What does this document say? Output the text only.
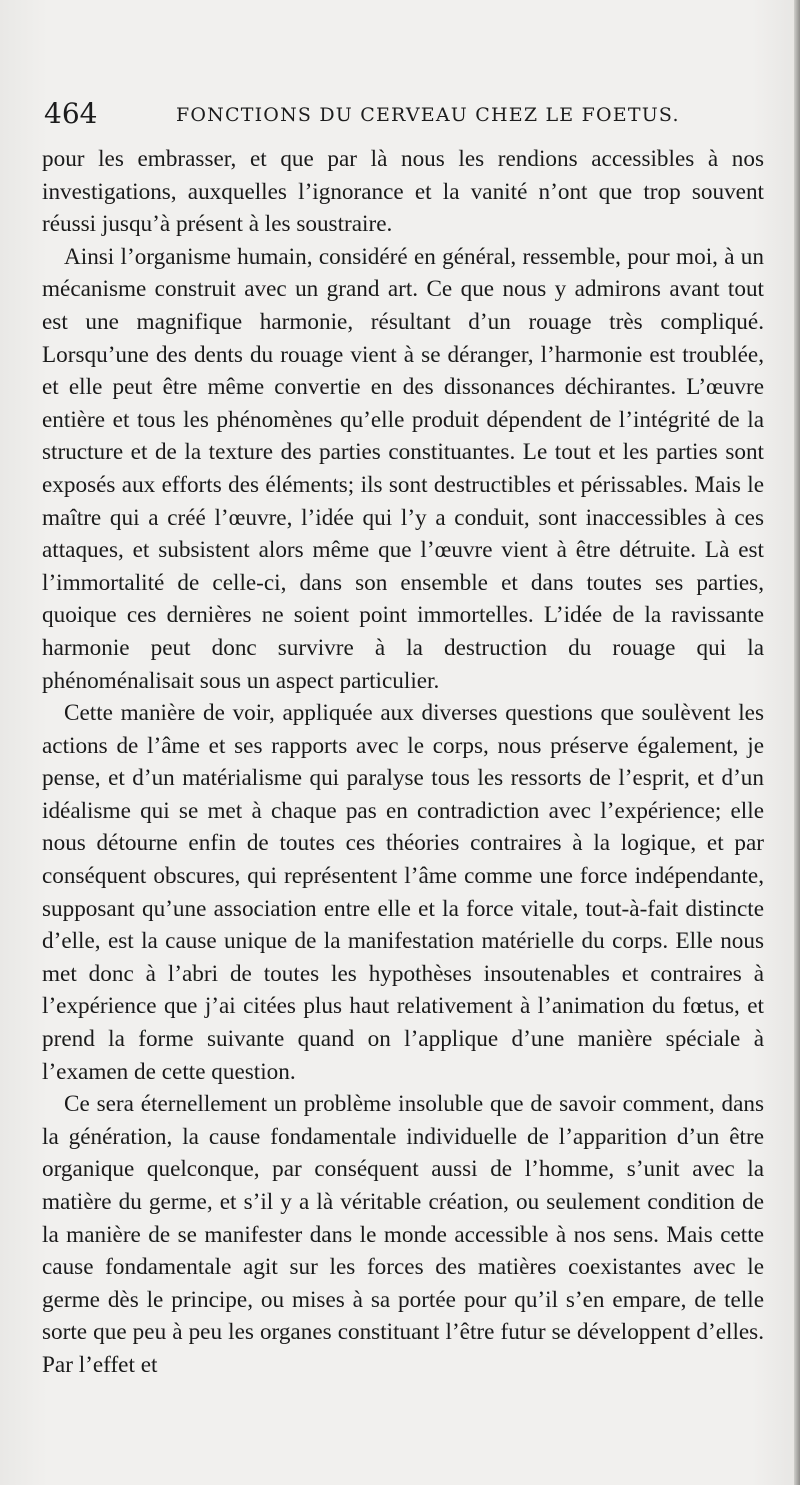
464	FONCTIONS DU CERVEAU CHEZ LE FOETUS.

pour les embrasser, et que par là nous les rendions accessibles à nos investigations, auxquelles l’ignorance et la vanité n’ont que trop souvent réussi jusqu’à présent à les soustraire.

Ainsi l’organisme humain, considéré en général, ressemble, pour moi, à un mécanisme construit avec un grand art. Ce que nous y admirons avant tout est une magnifique harmonie, résultant d’un rouage très compliqué. Lorsqu’une des dents du rouage vient à se déranger, l’harmonie est troublée, et elle peut être même convertie en des dissonances déchirantes. L’œuvre entière et tous les phénomènes qu’elle produit dépendent de l’intégrité de la structure et de la texture des parties constituantes. Le tout et les parties sont exposés aux efforts des éléments; ils sont destructibles et périssables. Mais le maître qui a créé l’œuvre, l’idée qui l’y a conduit, sont inaccessibles à ces attaques, et subsistent alors même que l’œuvre vient à être détruite. Là est l’immortalité de celle-ci, dans son ensemble et dans toutes ses parties, quoique ces dernières ne soient point immortelles. L’idée de la ravissante harmonie peut donc survivre à la destruction du rouage qui la phénoménalisait sous un aspect particulier.

Cette manière de voir, appliquée aux diverses questions que soulèvent les actions de l’âme et ses rapports avec le corps, nous préserve également, je pense, et d’un matérialisme qui paralyse tous les ressorts de l’esprit, et d’un idéalisme qui se met à chaque pas en contradiction avec l’expérience; elle nous détourne enfin de toutes ces théories contraires à la logique, et par conséquent obscures, qui représentent l’âme comme une force indépendante, supposant qu’une association entre elle et la force vitale, tout-à-fait distincte d’elle, est la cause unique de la manifestation matérielle du corps. Elle nous met donc à l’abri de toutes les hypothèses insoutenables et contraires à l’expérience que j’ai citées plus haut relativement à l’animation du fœtus, et prend la forme suivante quand on l’applique d’une manière spéciale à l’examen de cette question.

Ce sera éternellement un problème insoluble que de savoir comment, dans la génération, la cause fondamentale individuelle de l’apparition d’un être organique quelconque, par conséquent aussi de l’homme, s’unit avec la matière du germe, et s’il y a là véritable création, ou seulement condition de la manière de se manifester dans le monde accessible à nos sens. Mais cette cause fondamentale agit sur les forces des matières coexistantes avec le germe dès le principe, ou mises à sa portée pour qu’il s’en empare, de telle sorte que peu à peu les organes constituant l’être futur se développent d’elles. Par l’effet et
